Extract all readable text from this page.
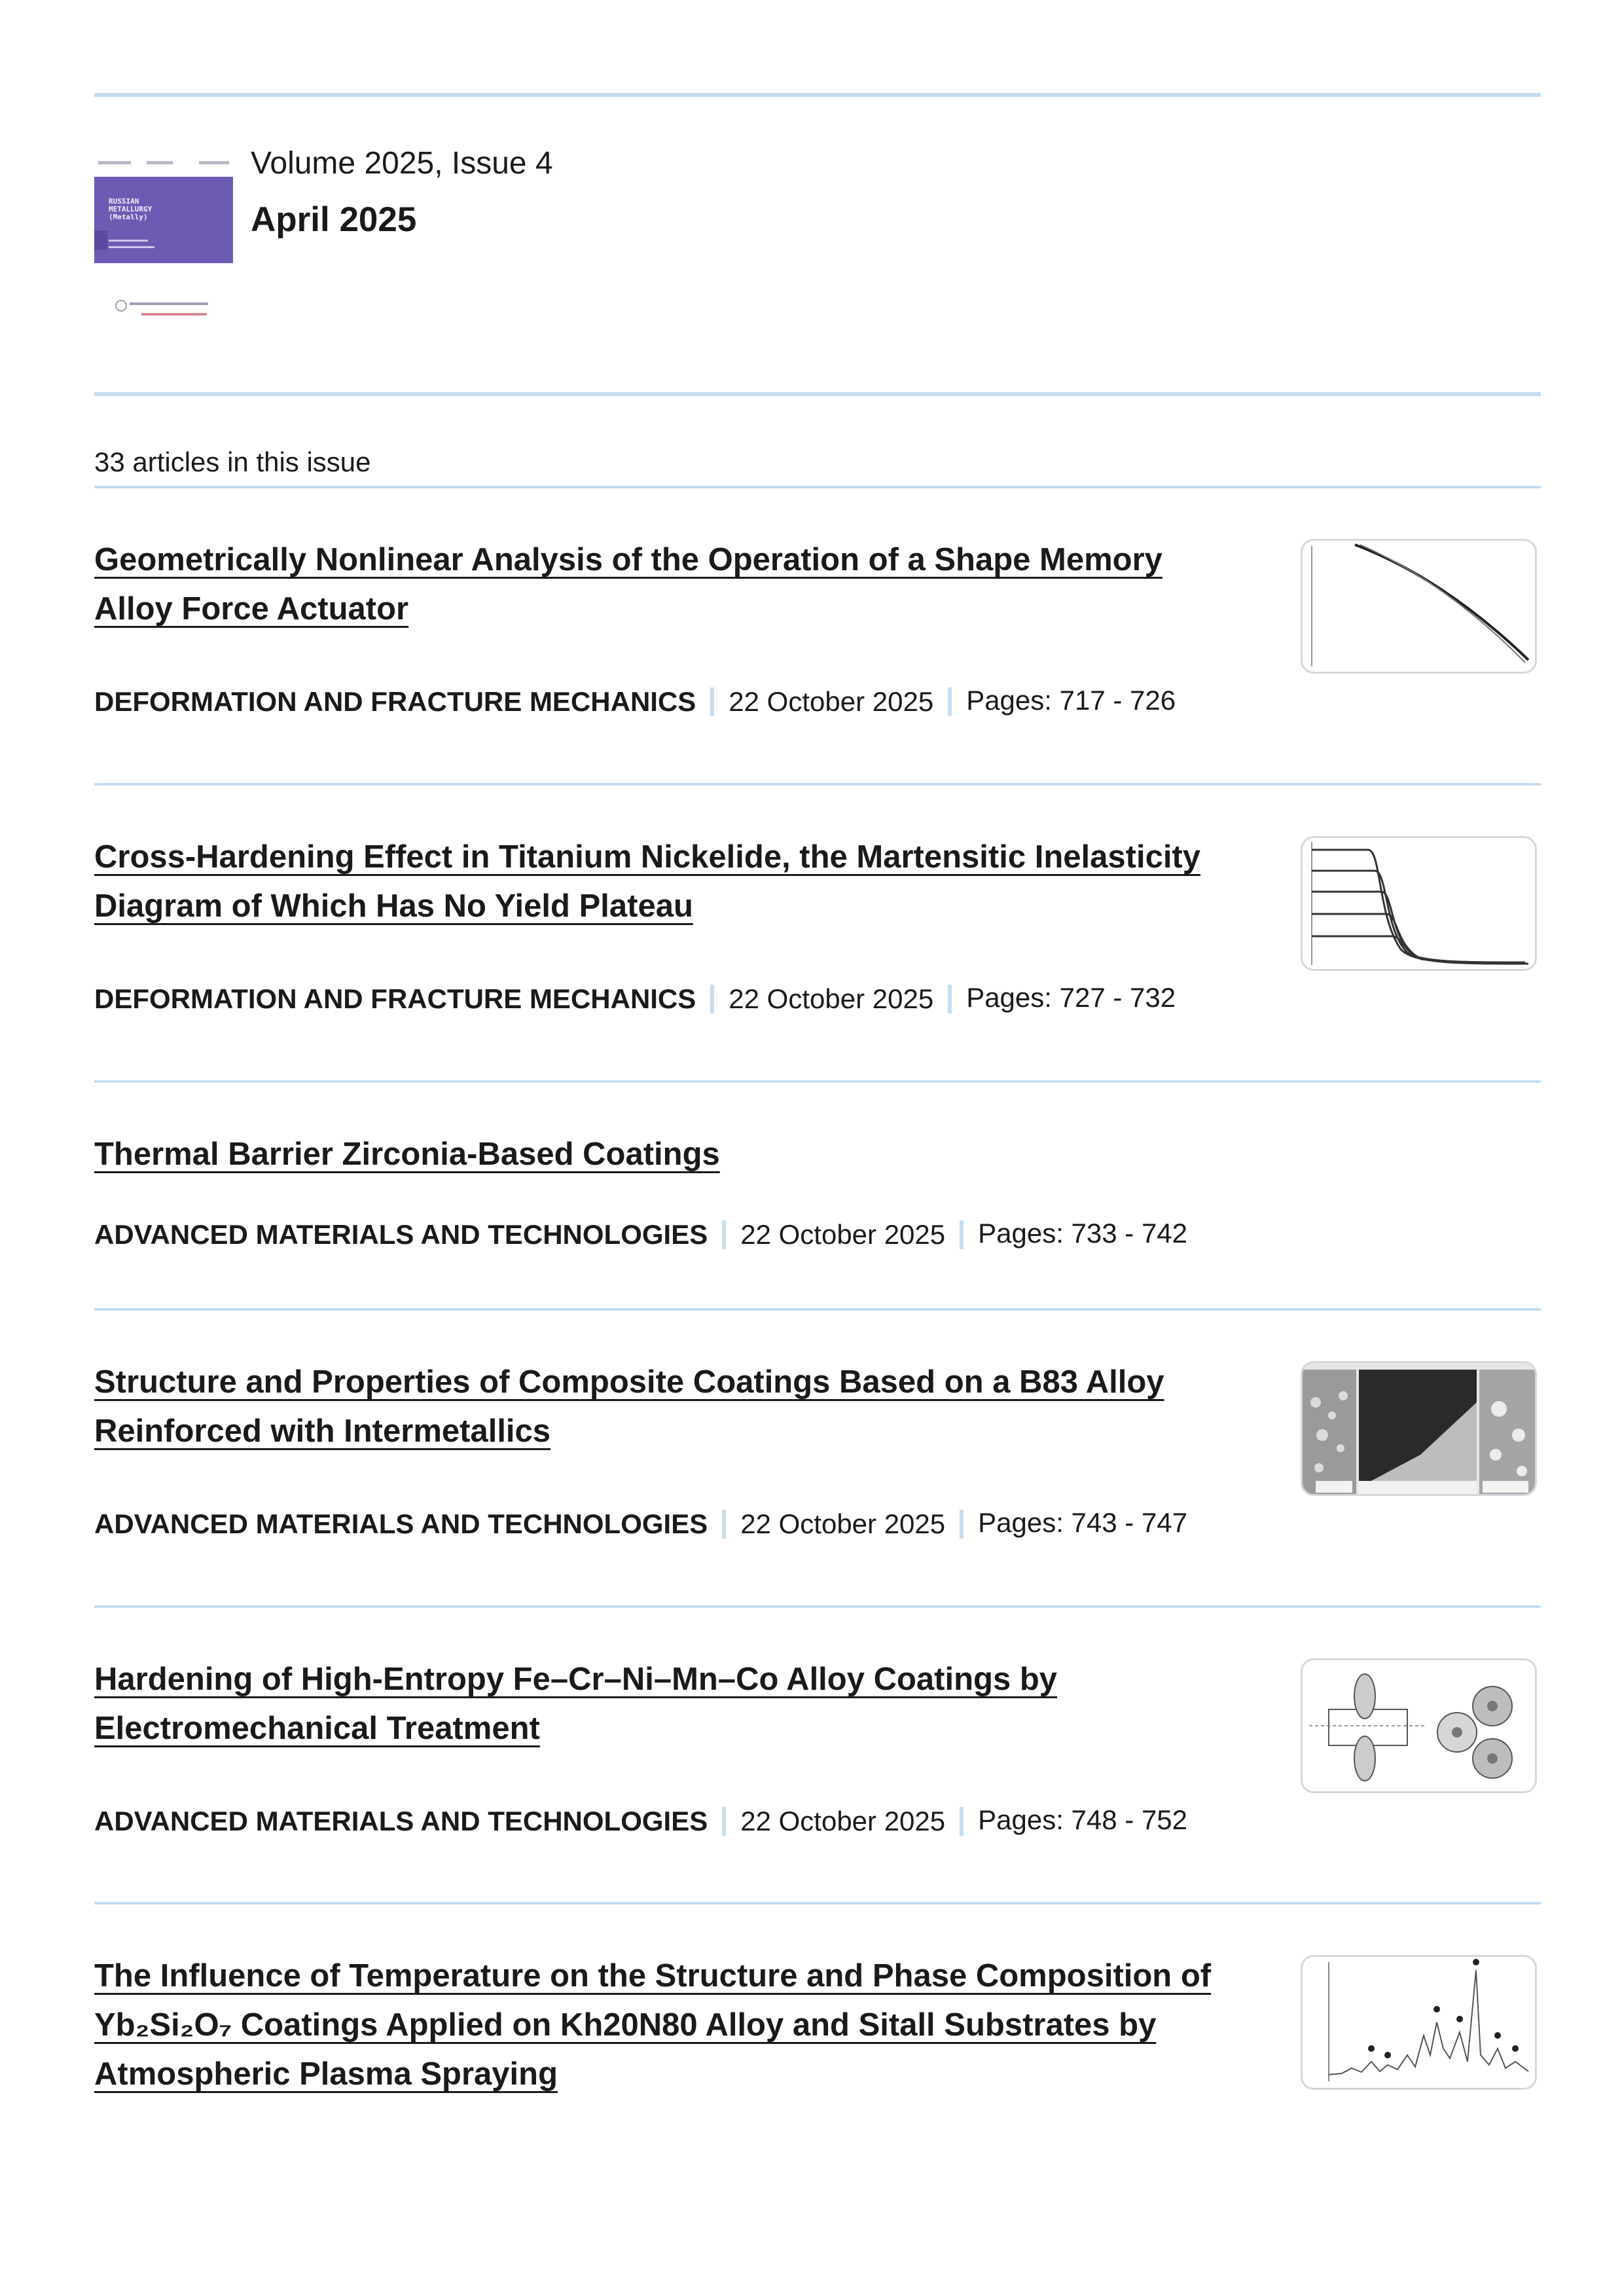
RUSSIAN
METALLURGY
(Metally)
Volume 2025, Issue 4
April 2025
33 articles in this issue
Geometrically Nonlinear Analysis of the Operation of a Shape Memory
Alloy Force Actuator
DEFORMATION AND FRACTURE MECHANICS 22 October 2025 Pages: 717 - 726
Cross-Hardening Effect in Titanium Nickelide, the Martensitic Inelasticity
Diagram of Which Has No Yield Plateau
DEFORMATION AND FRACTURE MECHANICS 22 October 2025 Pages: 727 - 732
Thermal Barrier Zirconia-Based Coatings
ADVANCED MATERIALS AND TECHNOLOGIES 22 October 2025 Pages: 733 - 742
Structure and Properties of Composite Coatings Based on a B83 Alloy
Reinforced with Intermetallics
ADVANCED MATERIALS AND TECHNOLOGIES 22 October 2025 Pages: 743 - 747
Hardening of High-Entropy Fe–Cr–Ni–Mn–Co Alloy Coatings by
Electromechanical Treatment
ADVANCED MATERIALS AND TECHNOLOGIES 22 October 2025 Pages: 748 - 752
The Influence of Temperature on the Structure and Phase Composition of
Yb₂Si₂O₇ Coatings Applied on Kh20N80 Alloy and Sitall Substrates by
Atmospheric Plasma Spraying
